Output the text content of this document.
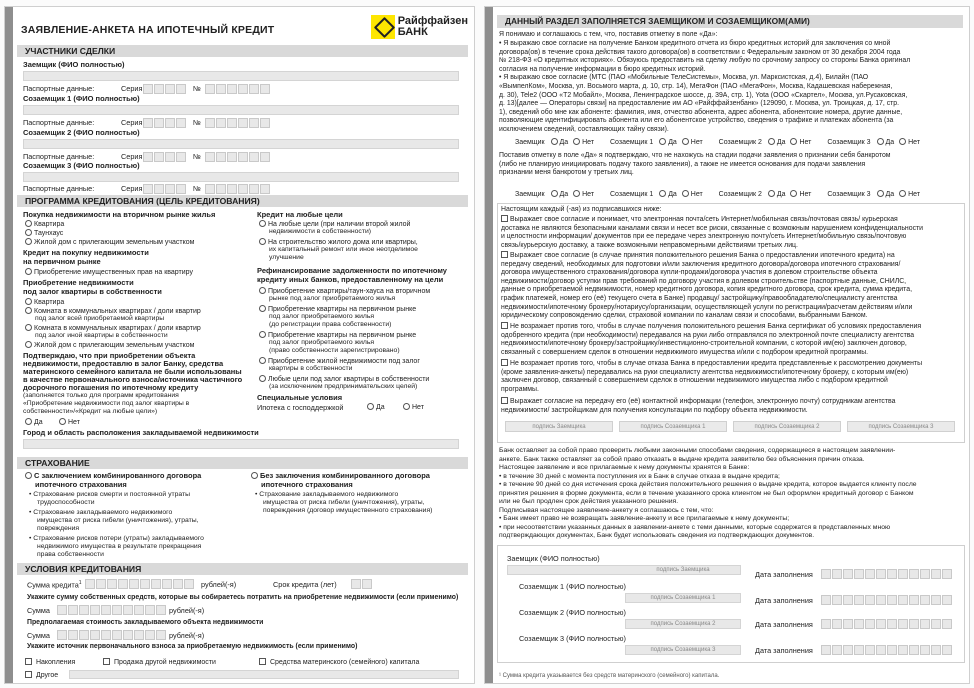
ЗАЯВЛЕНИЕ-АНКЕТА НА ИПОТЕЧНЫЙ КРЕДИТ
Райффайзен
БАНК
УЧАСТНИКИ СДЕЛКИ
Заемщик (ФИО полностью)
Паспортные данные:	Серия	№
Созаемщик 1 (ФИО полностью)
Паспортные данные:	Серия	№
Созаемщик 2 (ФИО полностью)
Паспортные данные:	Серия	№
Созаемщик 3 (ФИО полностью)
Паспортные данные:	Серия	№
ПРОГРАММА КРЕДИТОВАНИЯ (ЦЕЛЬ КРЕДИТОВАНИЯ)
Покупка недвижимости на вторичном рынке жилья
Квартира
Таунхаус
Жилой дом с прилегающим земельным участком
Кредит на покупку недвижимости
на первичном рынке
Приобретение имущественных прав на квартиру
Приобретение недвижимости
под залог квартиры в собственности
Квартира
Комната в коммунальных квартирах / доли квартир
под залог всей приобретаемой квартиры
Комната в коммунальных квартирах / доли квартир
под залог иной квартиры в собственности
Жилой дом с прилегающим земельным участком
Подтверждаю, что при приобретении объекта
недвижимости, предоставлю в залог Банку, средства
материнского семейного капитала не были использованы
в качестве первоначального взноса/источника частичного
досрочного погашения по ипотечному кредиту
(заполняется только для программ кредитования
«Приобретение недвижимости под залог квартиры в
собственности»/«Кредит на любые цели»)
Да	Нет
Кредит на любые цели
На любые цели (при наличии второй жилой
недвижимости в собственности)
На строительство жилого дома или квартиры,
их капитальный ремонт или иное неотделимое
улучшение
Рефинансирование задолженности по ипотечному
кредиту иных банков, предоставленному на цели
Приобретение квартиры/таун-хауса на вторичном
рынке под залог приобретаемого жилья
Приобретение квартиры на первичном рынке
под залог приобретаемого жилья
(до регистрации права собственности)
Приобретение квартиры на первичном рынке
под залог приобретаемого жилья
(право собственности зарегистрировано)
Приобретение жилой недвижимости под залог
квартиры в собственности
Любые цели под залог квартиры в собственности
(за исключением предпринимательских целей)
Специальные условия
Ипотека с господдержкой	Да	Нет
Город и область расположения закладываемой недвижимости
СТРАХОВАНИЕ
С заключением комбинированного договора
ипотечного страхования
• Страхование рисков смерти и постоянной утраты
трудоспособности
• Страхование закладываемого недвижимого
имущества от риска гибели (уничтожения), утраты,
повреждения
• Страхование рисков потери (утраты) закладываемого
недвижимого имущества в результате прекращения
права собственности
Без заключения комбинированного договора
ипотечного страхования
• Страхование закладываемого недвижимого
имущества от риска гибели (уничтожения), утраты,
повреждения (договор имущественного страхования)
УСЛОВИЯ КРЕДИТОВАНИЯ
Сумма кредита$^1$	рублей(-я)	Срок кредита (лет)
Укажите сумму собственных средств, которые вы собираетесь потратить на приобретение недвижимости (если применимо)
Сумма	рублей(-я)
Предполагаемая стоимость закладываемого объекта недвижимости
Сумма	рублей(-я)
Укажите источник первоначального взноса за приобретаемую недвижимость (если применимо)
Накопления	Продажа другой недвижимости	Средства материнского (семейного) капитала
Другое
ДАННЫЙ РАЗДЕЛ ЗАПОЛНЯЕТСЯ ЗАЕМЩИКОМ И СОЗАЕМЩИКОМ(АМИ)
Я понимаю и соглашаюсь с тем, что, поставив отметку в поле «Да»:
• Я выражаю свое согласие на получение Банком кредитного отчета из бюро кредитных историй для заключения со мной
договора(ов) в течение срока действия такого договора(ов) в соответствии с Федеральным законом от 30 декабря 2004 года
№ 218-ФЗ «О кредитных историях». Обязуюсь предоставить на сделку любую по срочному запросу со стороны Банка оригинал
согласия на получение информации в бюро кредитных историй.
• Я выражаю свое согласие (МТС (ПАО «Мобильные ТелеСистемы», Москва, ул. Марксистская, д.4), Билайн (ПАО
«ВымпелКом», Москва, ул. Восьмого марта, д. 10, стр. 14), МегаФон (ПАО «МегаФон», Москва, Кадашевская набережная,
д. 30), Tele2 (ООО «Т2 Мобайл», Москва, Ленинградское шоссе, д. 39А, стр. 1), Yota (ООО «Скартел», Москва, ул.Русаковская,
д. 13)[далее — Операторы связи] на предоставление им АО «Райффайзенбанк» (129090, г. Москва, ул. Троицкая, д. 17, стр.
1), сведений обо мне как абоненте: фамилия, имя, отчество абонента, адрес абонента, абонентские номера, другие данные,
позволяющие идентифицировать абонента или его абонентское устройство, сведения о трафике и платежах абонента (за
исключением сведений, составляющих тайну связи).
Заемщик Да Нет Созаемщик 1 Да Нет Созаемщик 2 Да Нет Созаемщик 3 Да Нет
Поставив отметку в поле «Да» я подтверждаю, что не нахожусь на стадии подачи заявления о признании себя банкротом
(либо не планирую инициировать подачу такого заявления), а также не имеется основания для подачи заявления
признании меня банкротом у третьих лиц.
Заемщик Да Нет Созаемщик 1 Да Нет Созаемщик 2 Да Нет Созаемщик 3 Да Нет
Настоящим каждый (-ая) из подписавшихся ниже:
Выражает свое согласие и понимает, что электронная почта/сеть Интернет/мобильная связь/почтовая связь/ курьерская
доставка не являются безопасными каналами связи и несет все риски, связанные с возможным нарушением конфиденциальности
и целостности информации/ документов при ее передаче через электронную почту/сеть Интернет/мобильную связь/почтовую
связь/курьерскую доставку, а также возможными неправомерными действиями третьих лиц.
Выражает свое согласие (в случае принятия положительного решения Банка о предоставлении ипотечного кредита) на
передачу сведений, необходимых для подготовки и/или заключения кредитного договора/договора ипотечного страхования/
договора имущественного страхования/договора купли-продажи/договора участия в долевом строительстве объекта
недвижимости/договор уступки прав требований по договору участия в долевом строительстве (паспортные данные, СНИЛС,
данные о приобретаемой недвижимости, номер кредитного договора, копия кредитного договора, срок кредита, сумма кредита,
график платежей, номер его (её) текущего счета в Банке) продавцу/ застройщику/правообладателю/специалисту агентства
недвижимости/ипотечному брокеру/нотариусу/организации, осуществляющей услуги по регистрации/расчетам действиям и/или
юридическому сопровождению сделки, страховой компании по каналам связи и способами, выбранными Банком.
Не возражает против того, чтобы в случае получения положительного решения Банка сертификат об условиях предоставления
одобренного кредита (при необходимости) передавался на руки либо отправлялся по электронной почте специалисту агентства
недвижимости/ипотечному брокеру/застройщику/инвестиционно-строительной компании, с которой им(ею) заключен договор,
связанный с совершением сделок в отношении недвижимого имущества и/или с подбором кредитной программы.
Не возражает против того, чтобы в случае отказа Банка в предоставлении кредита представленные к рассмотрению документы
(кроме заявления-анкеты) передавались на руки специалисту агентства недвижимости/ипотечному брокеру, с которым им(ею)
заключен договор, связанный с совершением сделок в отношении недвижимого имущества либо с подбором кредитной
программы.
Выражает согласие на передачу его (её) контактной информации (телефон, электронную почту) сотрудникам агентства
недвижимости/ застройщикам для получения консультации по подбору объекта недвижимости.
подпись Заемщика	подпись Созаемщика 1	подпись Созаемщика 2	подпись Созаемщика 3
Банк оставляет за собой право проверить любыми законными способами сведения, содержащиеся в настоящем заявлении-
анкете. Банк также оставляет за собой право отказать в выдаче кредита заявителю без объяснения причин отказа.
Настоящее заявление и все прилагаемые к нему документы хранятся в Банке:
• в течение 30 дней с момента поступления их в Банк в случае отказа в выдаче кредита;
• в течение 90 дней со дня истечения срока действия положительного решения о выдаче кредита, которое выдается клиенту после
принятия решения в форме документа, если в течение указанного срока клиентом не был оформлен кредитный договор с Банком
или не был продлен срок действия указанного решения.
Подписывая настоящее заявление-анкету я соглашаюсь с тем, что:
• Банк имеет право не возвращать заявление-анкету и все прилагаемые к нему документы;
• при несоответствии указанных данных в заявлении-анкете с теми данными, которые содержатся в представленных мною
подтверждающих документах, Банк будет использовать сведения из подтверждающих документов.
Заемщик (ФИО полностью)
подпись Заемщика	Дата заполнения
Созаемщик 1 (ФИО полностью)
подпись Созаемщика 1	Дата заполнения
Созаемщик 2 (ФИО полностью)
подпись Созаемщика 2	Дата заполнения
Созаемщик 3 (ФИО полностью)
подпись Созаемщика 3	Дата заполнения
¹ Сумма кредита указывается без средств материнского (семейного) капитала.
